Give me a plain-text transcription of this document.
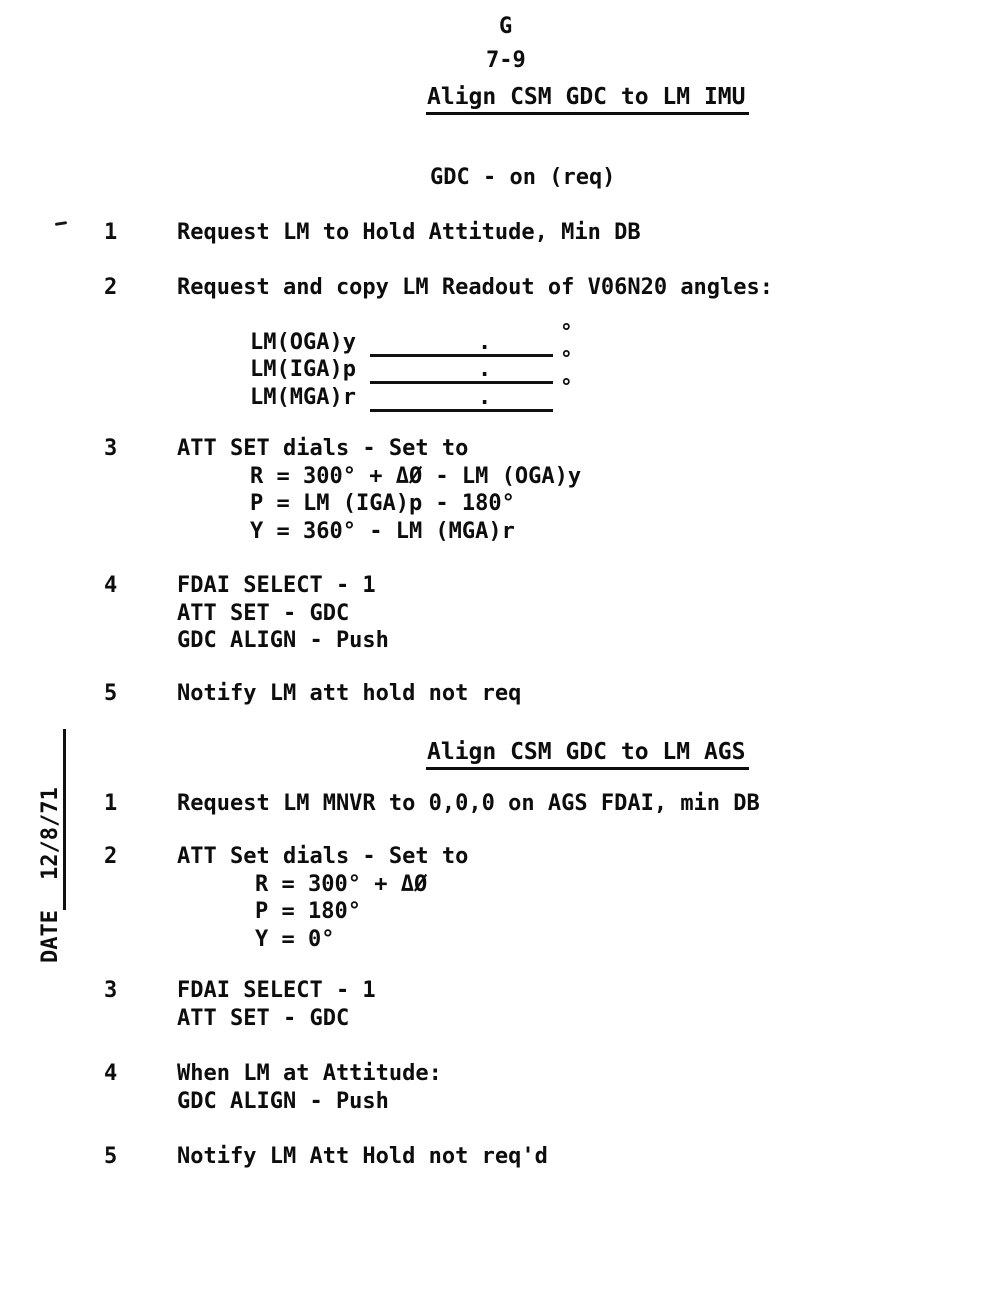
G
7-9
Align CSM GDC to LM IMU
GDC - on (req)
1	Request LM to Hold Attitude, Min DB
2	Request and copy LM Readout of V06N20 angles:
LM(OGA)y	.	°
LM(IGA)p	.	°
LM(MGA)r	.	°
3	ATT SET dials - Set to
R = 300° + ΔØ - LM (OGA)y
P = LM (IGA)p - 180°
Y = 360° - LM (MGA)r
4	FDAI SELECT - 1
ATT SET - GDC
GDC ALIGN - Push
5	Notify LM att hold not req
Align CSM GDC to LM AGS
1	Request LM MNVR to 0,0,0 on AGS FDAI, min DB
2	ATT Set dials - Set to
R = 300° + ΔØ
P = 180°
Y = 0°
3	FDAI SELECT - 1
ATT SET - GDC
4	When LM at Attitude:
GDC ALIGN - Push
5	Notify LM Att Hold not req'd
DATE12/8/71
